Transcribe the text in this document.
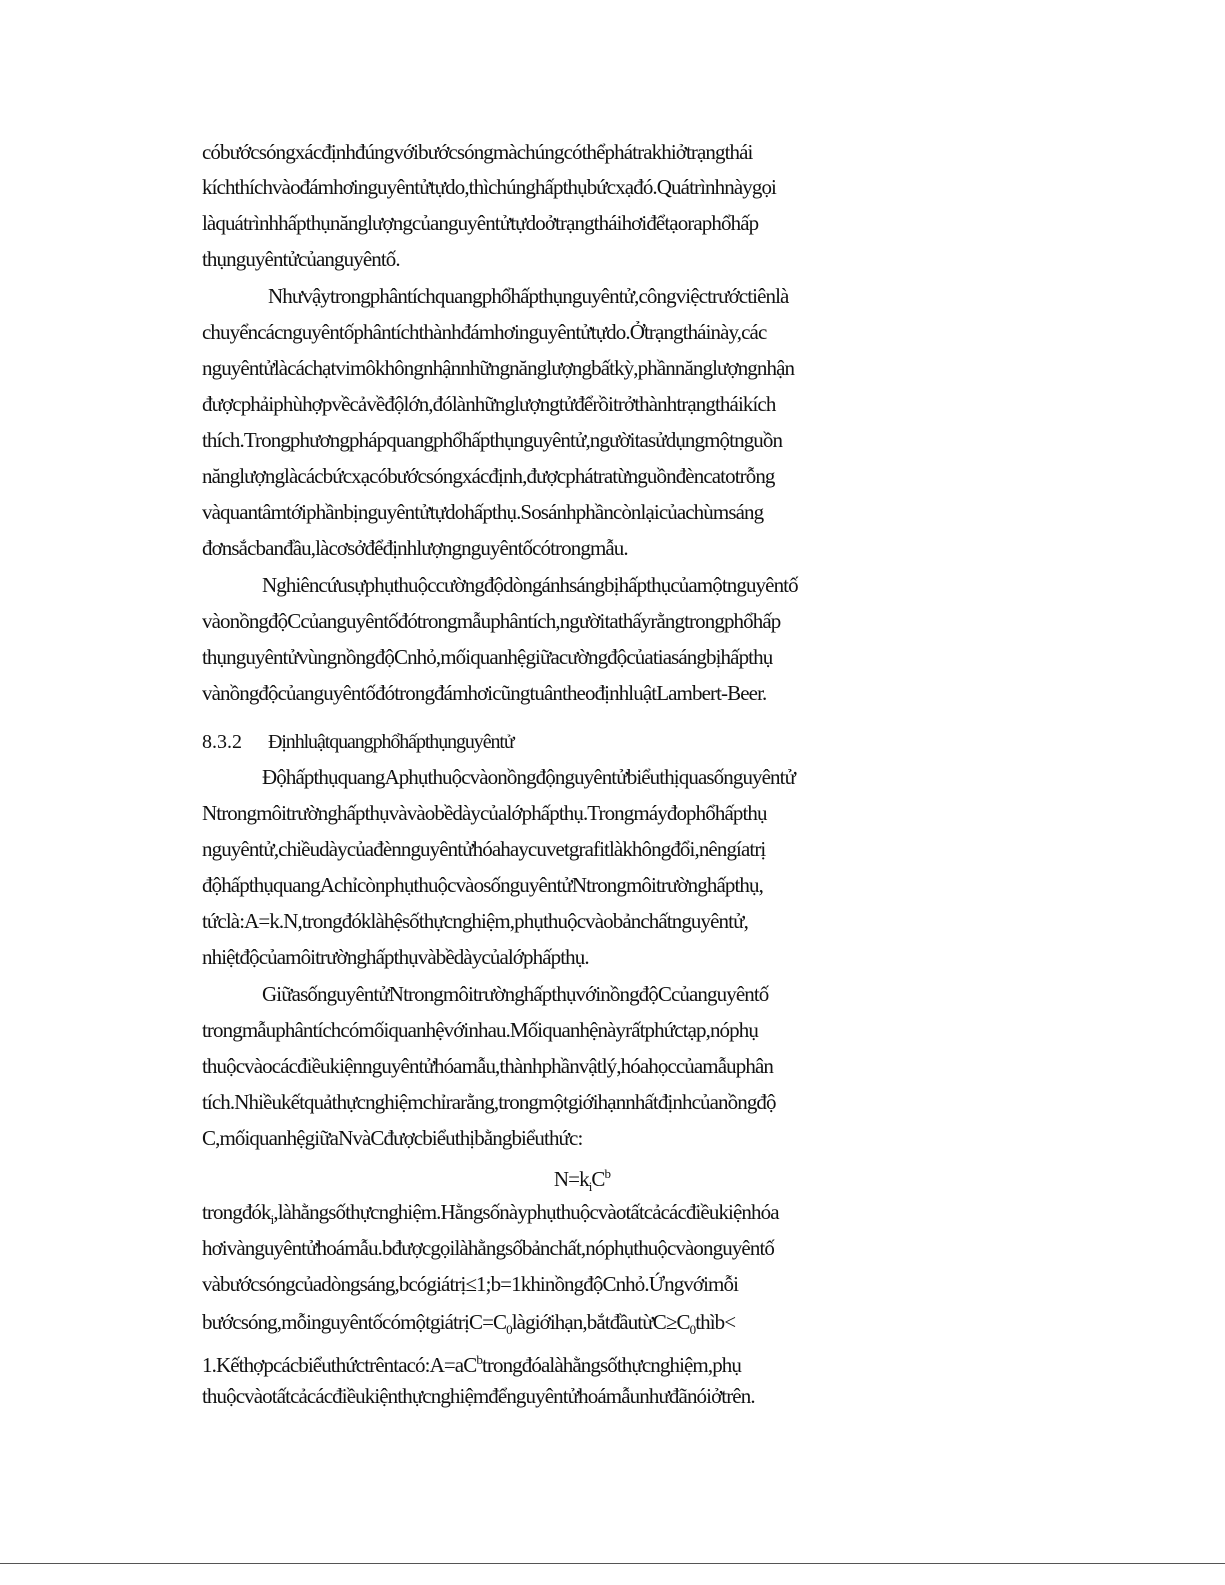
cóbướcsóngxácđịnhđúngvớibướcsóngmàchúngcóthểphátrakhiởtrạngthái
kíchthíchvàođámhơinguyêntửtựdo,thìchúnghấpthụbứcxạđó.Quátrìnhnàygọi
làquátrìnhhấpthụnănglượngcủanguyêntửtựdoởtrạngtháihơiđểtạoraphổhấp
thụnguyêntửcủanguyêntố.
Nhưvậytrongphântíchquangphổhấpthụnguyêntử,côngviệctrướctiênlà
chuyểncácnguyêntốphântíchthànhđámhơinguyêntửtựdo.Ởtrạngtháinày,các
nguyêntửlàcáchạtvimôkhôngnhậnnhữngnănglượngbấtkỳ,phầnnănglượngnhận
đượcphảiphùhợpvềcảvềđộlớn,đólànhữnglượngtửđểrồitrởthànhtrạngtháikích
thích.Trongphươngphápquangphổhấpthụnguyêntử,ngườitasửdụngmộtnguồn
nănglượnglàcácbứcxạcóbướcsóngxácđịnh,đượcphátratừnguồnđèncatotrỗng
vàquantâmtớiphầnbịnguyêntửtựdohấpthụ.Sosánhphầncònlạicủachùmsáng
đơnsắcbanđầu,làcơsởđểđịnhlượngnguyêntốcótrongmẫu.
Nghiêncứusựphụthuộccườngđộdòngánhsángbịhấpthụcủamộtnguyêntố
vàonồngđộCcủanguyêntốđótrongmẫuphântích,ngườitathấyrằngtrongphổhấp
thụnguyêntửvùngnồngđộCnhỏ,mốiquanhệgiữacườngđộcủatiasángbịhấpthụ
vànồngđộcủanguyêntốđótrongđámhơicũngtuântheođịnhluậtLambert-Beer.
8.3.2 Địnhluậtquangphổhấpthụnguyêntử
ĐộhấpthụquangAphụthuộcvàonồngđộnguyêntửbiểuthịquasốnguyêntử
Ntrongmôitrườnghấpthụvàvàobềdàycủalớphấpthụ.Trongmáyđophổhấpthụ
nguyêntử,chiềudàycủađènnguyêntửhóahaycuvetgrafitlàkhôngđổi,nêngíatrị
độhấpthụquangAchỉcònphụthuộcvàosốnguyêntửNtrongmôitrườnghấpthụ,
tứclà:A=k.N,trongđóklàhệsốthựcnghiệm,phụthuộcvàobảnchấtnguyêntử,
nhiệtđộcủamôitrườnghấpthụvàbềdàycủalớphấpthụ.
GiữasốnguyêntửNtrongmôitrườnghấpthụvớinồngđộCcủanguyêntố
trongmẫuphântíchcómốiquanhệvớinhau.Mốiquanhệnàyrấtphứctạp,nóphụ
thuộcvàocácđiềukiệnnguyêntửhóamẫu,thànhphầnvậtlý,hóahọccủamẫuphân
tích.Nhiềukếtquảthựcnghiệmchỉrarằng,trongmộtgiớihạnnhấtđịnhcủanồngđộ
C,mốiquanhệgiữaNvàCđượcbiểuthịbằngbiểuthức:
$N=k_iC^b$
trongđók$_i$,làhằngsốthựcnghiệm.Hằngsốnàyphụthuộcvàotấtcảcácđiềukiệnhóa
hơivànguyêntửhoámẫu.bđượcgọilàhằngsốbảnchất,nóphụthuộcvàonguyêntố
vàbướcsóngcủadòngsáng,bcógiátrị≤1;b=1khinồngđộCnhỏ.Ứngvớimỗi
$bướcsóng,mỗinguyêntốcómộtgiátrịC=C_0làgiớihạn,bắtđầutừC\ge C_0thìb<$
$1.Kếthợpcácbiểuthứctrêntacó:A=aC^btrongđóalàhằngsốthựcnghiệm,phụ$
thuộcvàotấtcảcácđiềukiệnthựcnghiệmđểnguyêntửhoámẫunhưđãnóiởtrên.
